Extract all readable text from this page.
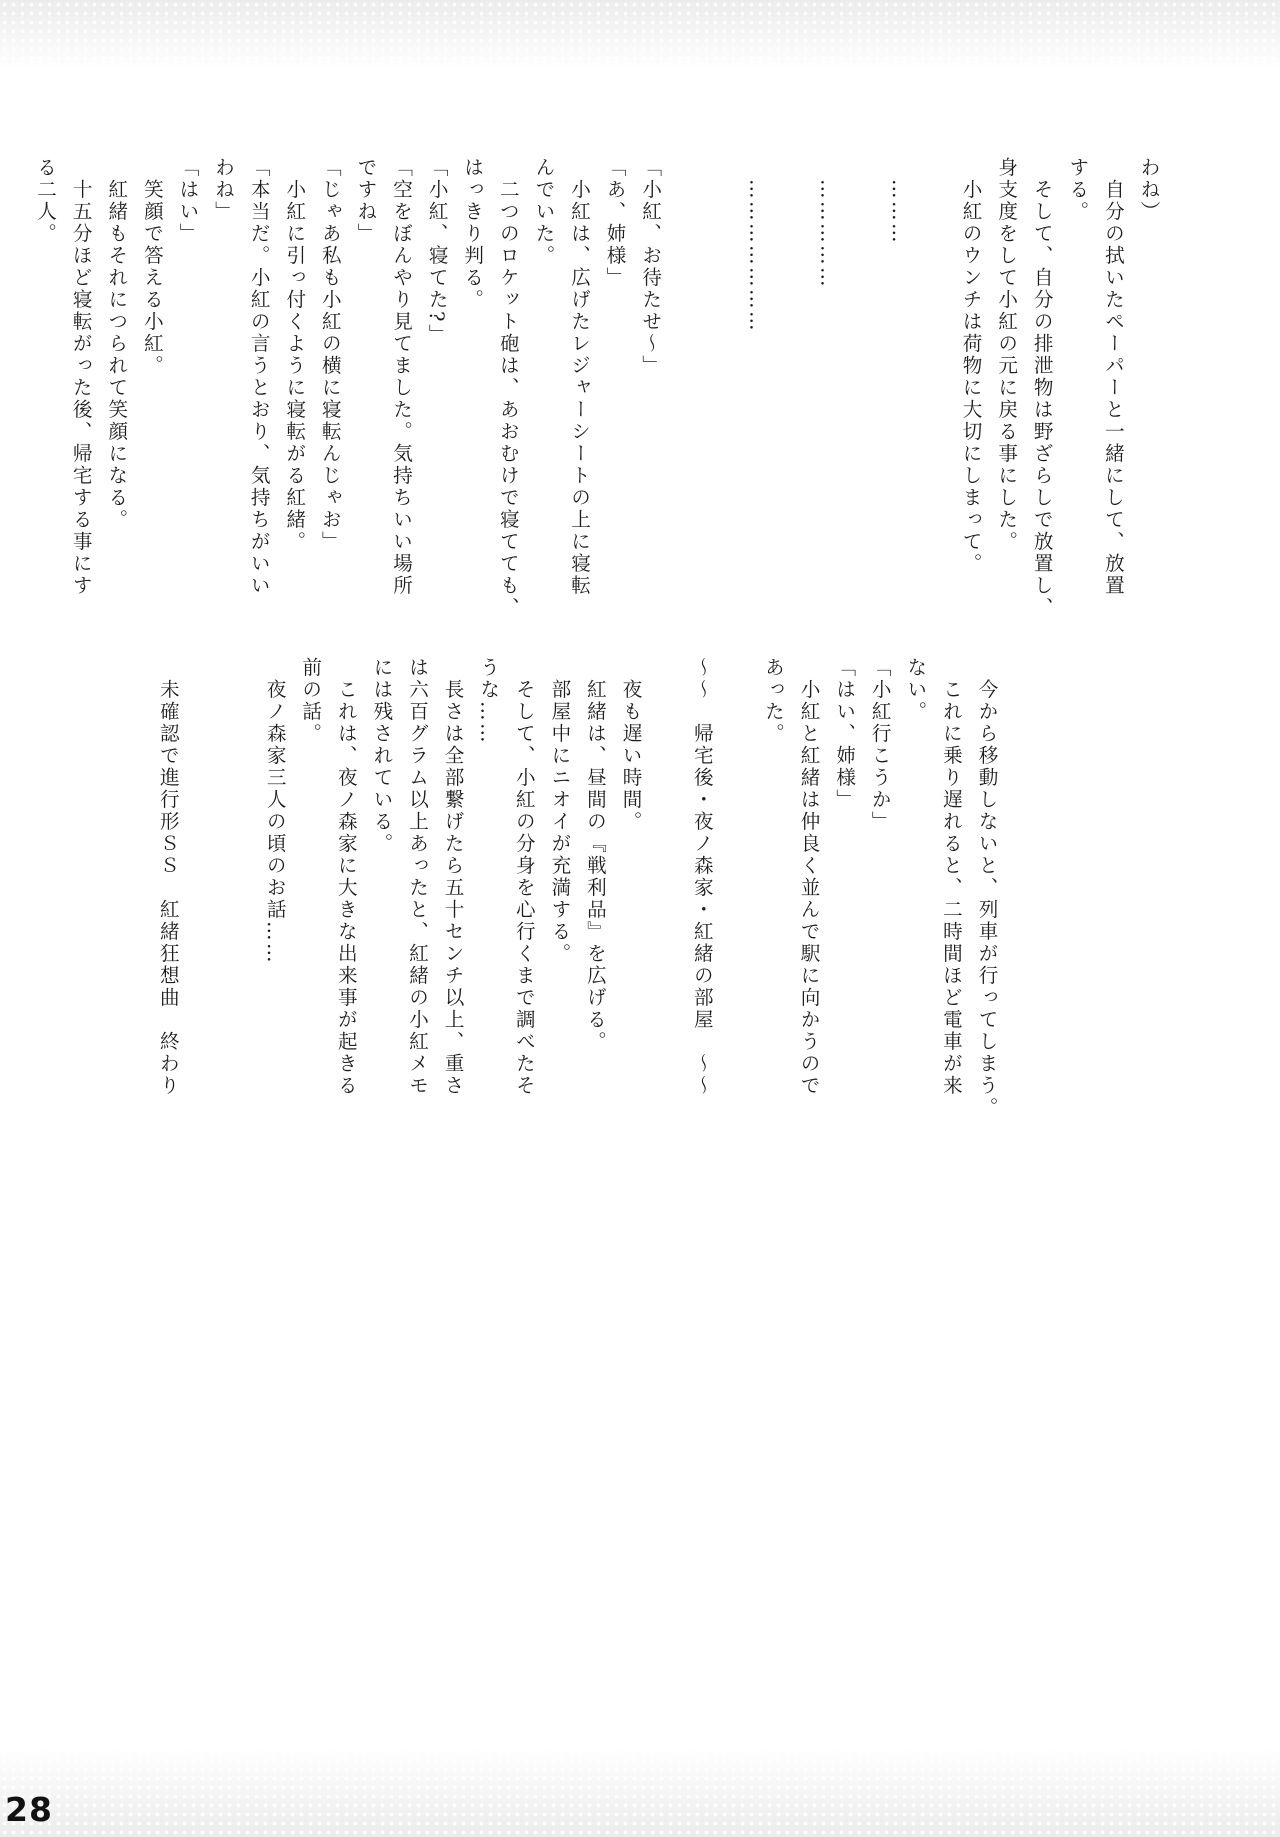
わね）

　自分の拭いたペーパーと一緒にして、放置

する。

　そして、自分の排泄物は野ざらしで放置し、

身支度をして小紅の元に戻る事にした。

　小紅のウンチは荷物に大切にしまって。

　………

　……………

　…………………

「小紅、お待たせ〜」

「あ、姉様」

　小紅は、広げたレジャーシートの上に寝転

んでいた。

　二つのロケット砲は、あおむけで寝てても、

はっきり判る。

「小紅、寝てた?」

「空をぼんやり見てました。気持ちいい場所

ですね」

「じゃあ私も小紅の横に寝転んじゃお」

　小紅に引っ付くように寝転がる紅緒。

「本当だ。小紅の言うとおり、気持ちがいい

わね」

「はい」

　笑顔で答える小紅。

　紅緒もそれにつられて笑顔になる。

　十五分ほど寝転がった後、帰宅する事にす

る二人。

　今から移動しないと、列車が行ってしまう。

　これに乗り遅れると、二時間ほど電車が来

ない。

「小紅行こうか」

「はい、姉様」

　小紅と紅緒は仲良く並んで駅に向かうので

あった。

〜〜　帰宅後・夜ノ森家・紅緒の部屋　〜〜

　夜も遅い時間。

　紅緒は、昼間の『戦利品』を広げる。

　部屋中にニオイが充満する。

　そして、小紅の分身を心行くまで調べたそ

うな……

　長さは全部繋げたら五十センチ以上、重さ

は六百グラム以上あったと、紅緒の小紅メモ

には残されている。

　これは、夜ノ森家に大きな出来事が起きる

前の話。

　夜ノ森家三人の頃のお話……

　未確認で進行形ＳＳ　紅緒狂想曲　終わり

28
